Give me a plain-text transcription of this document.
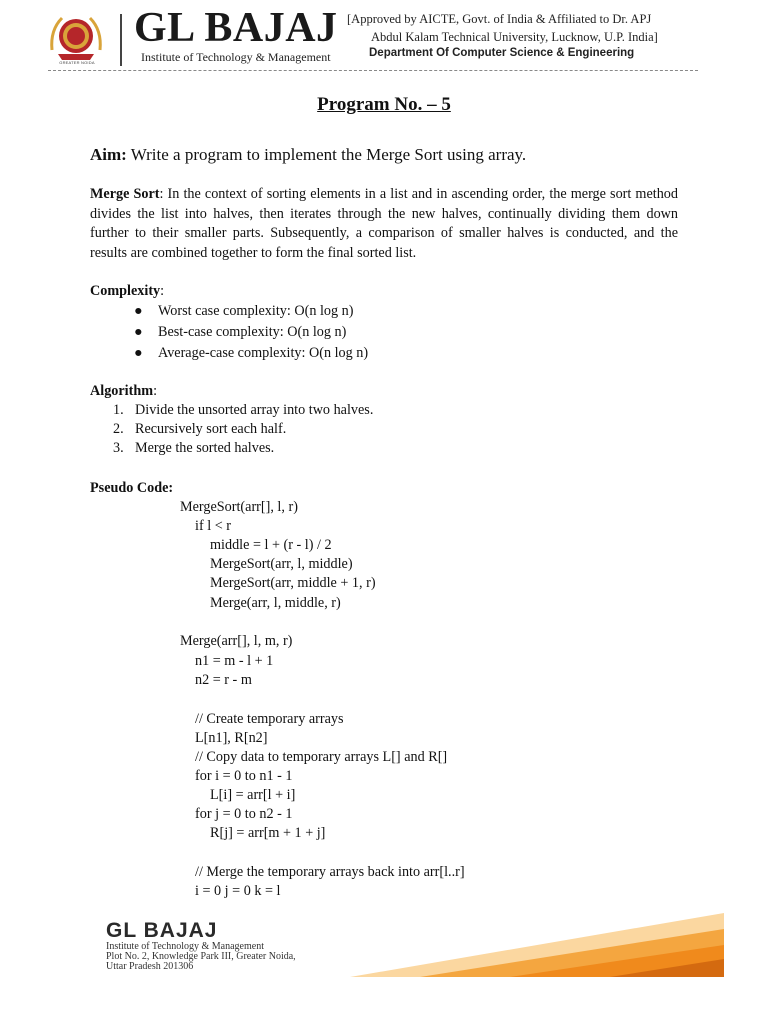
GREATER NOIDA
GL BAJAJ
Institute of Technology & Management
[Approved by AICTE, Govt. of India & Affiliated to Dr. APJ
Abdul Kalam Technical University, Lucknow, U.P. India]
Department Of Computer Science & Engineering
Program No. – 5
Aim: Write a program to implement the Merge Sort using array.
Merge Sort: In the context of sorting elements in a list and in ascending order, the merge sort method divides the list into halves, then iterates through the new halves, continually dividing them down further to their smaller parts. Subsequently, a comparison of smaller halves is conducted, and the results are combined together to form the final sorted list.
Complexity:
● Worst case complexity: O(n log n)
● Best-case complexity: O(n log n)
● Average-case complexity: O(n log n)
Algorithm:
1. Divide the unsorted array into two halves.
2. Recursively sort each half.
3. Merge the sorted halves.
Pseudo Code:
MergeSort(arr[], l, r)
if l < r
middle = l + (r - l) / 2
MergeSort(arr, l, middle)
MergeSort(arr, middle + 1, r)
Merge(arr, l, middle, r)
Merge(arr[], l, m, r)
n1 = m - l + 1
n2 = r - m
// Create temporary arrays
L[n1], R[n2]
// Copy data to temporary arrays L[] and R[]
for i = 0 to n1 - 1
L[i] = arr[l + i]
for j = 0 to n2 - 1
R[j] = arr[m + 1 + j]
// Merge the temporary arrays back into arr[l..r]
i = 0 j = 0 k = l
GL BAJAJ
Institute of Technology & Management
Plot No. 2, Knowledge Park III, Greater Noida,
Uttar Pradesh 201306
